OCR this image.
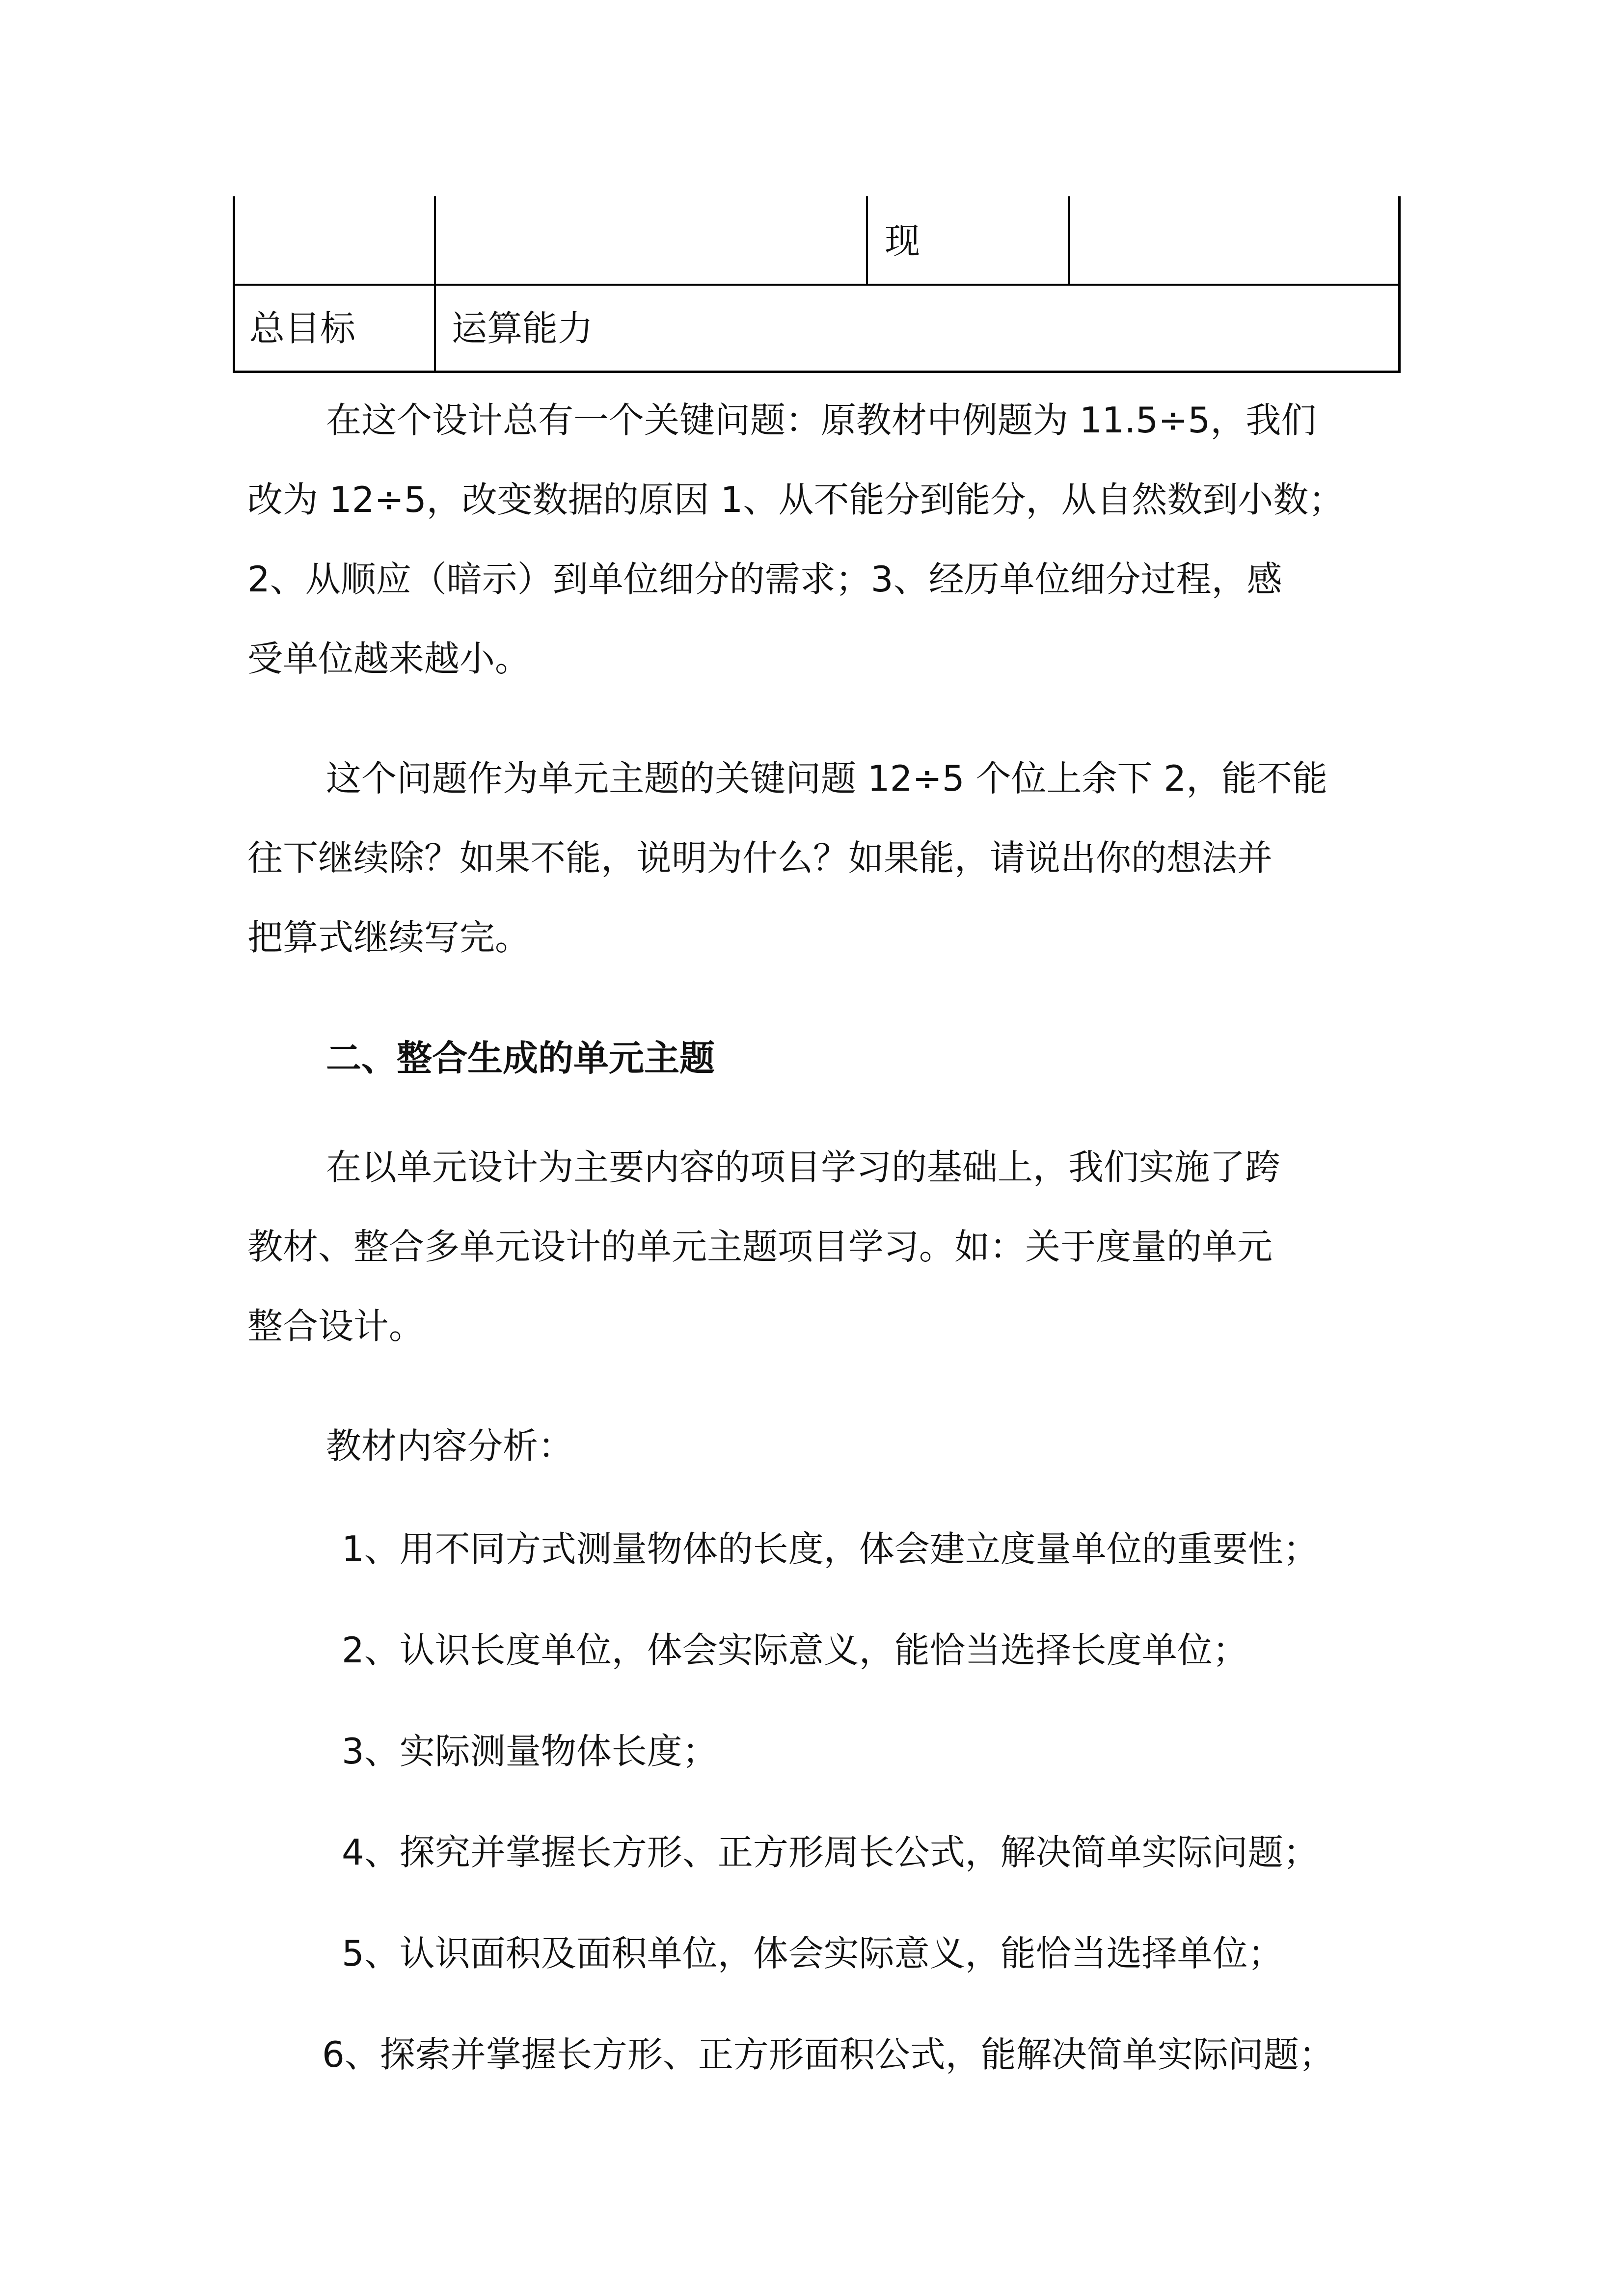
现
总目标	运算能力
在这个设计总有一个关键问题：原教材中例题为 11.5÷5，我们
改为 12÷5，改变数据的原因 1、从不能分到能分，从自然数到小数；
2、从顺应（暗示）到单位细分的需求；3、经历单位细分过程，感
受单位越来越小。
这个问题作为单元主题的关键问题 12÷5 个位上余下 2，能不能
往下继续除？如果不能，说明为什么？如果能，请说出你的想法并
把算式继续写完。
二、整合生成的单元主题
在以单元设计为主要内容的项目学习的基础上，我们实施了跨
教材、整合多单元设计的单元主题项目学习。如：关于度量的单元
整合设计。
教材内容分析：
1、用不同方式测量物体的长度，体会建立度量单位的重要性；
2、认识长度单位，体会实际意义，能恰当选择长度单位；
3、实际测量物体长度；
4、探究并掌握长方形、正方形周长公式，解决简单实际问题；
5、认识面积及面积单位，体会实际意义，能恰当选择单位；
6、探索并掌握长方形、正方形面积公式，能解决简单实际问题；
